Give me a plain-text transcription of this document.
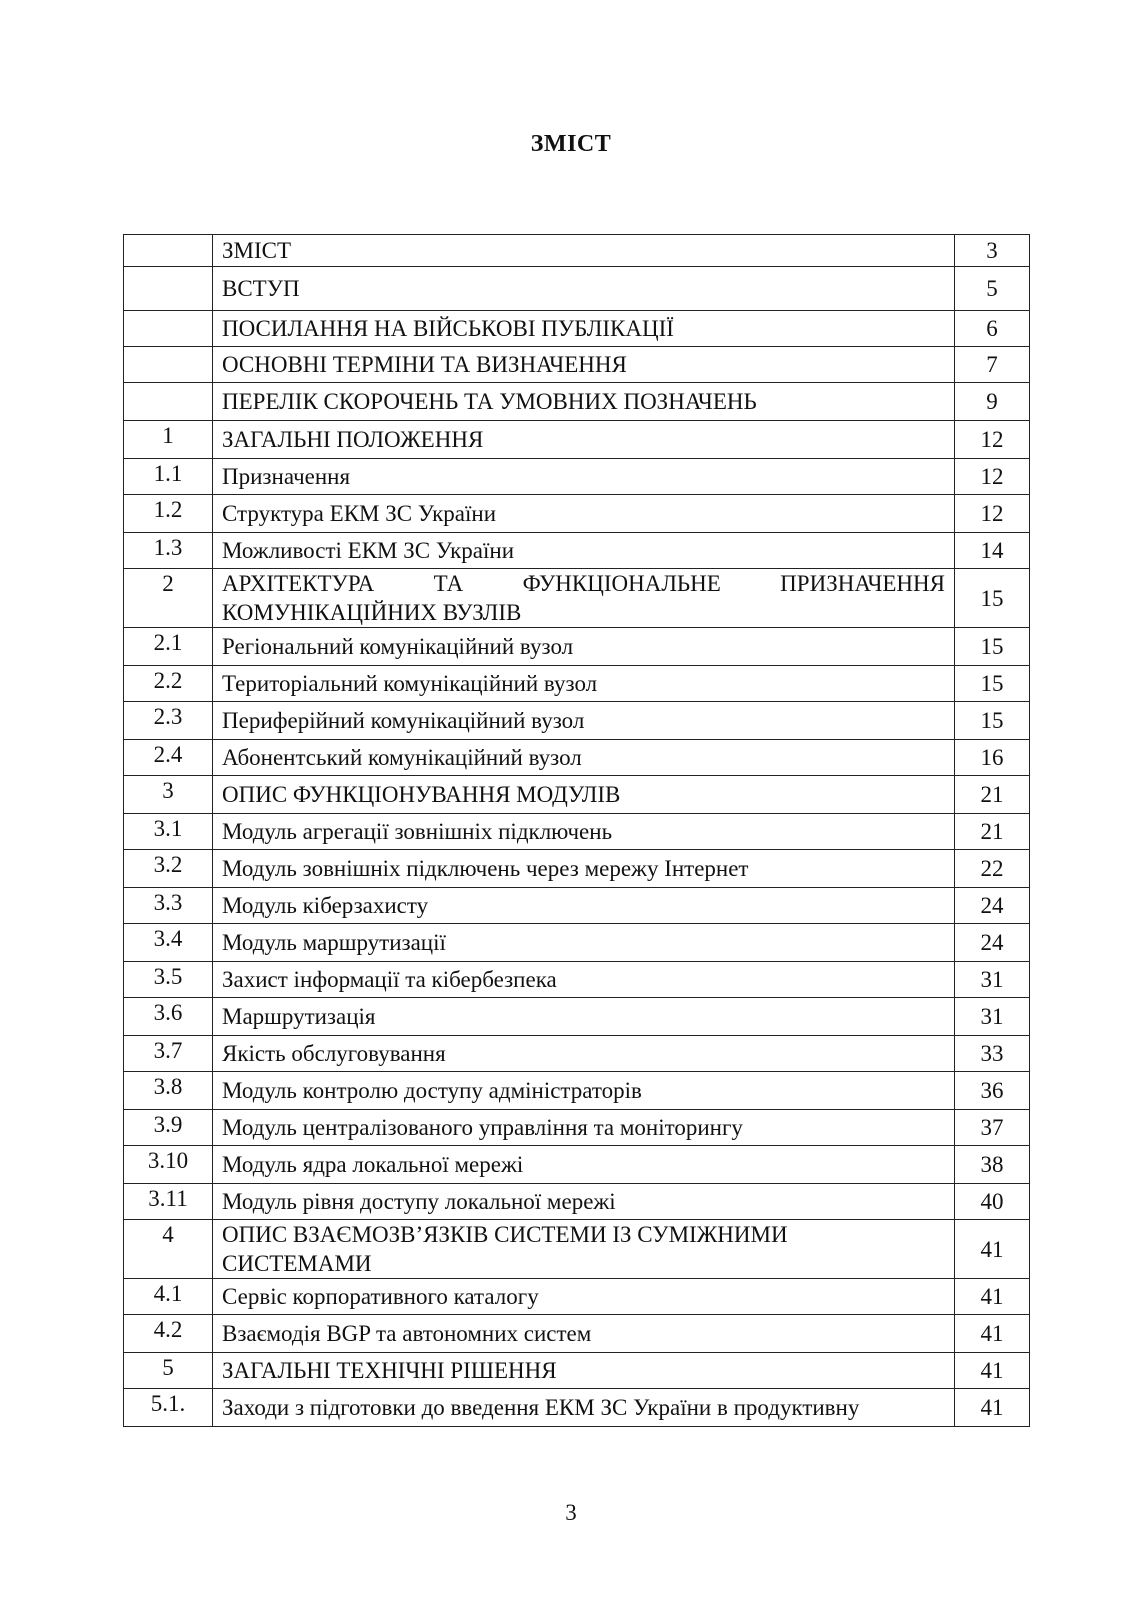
ЗМІСТ
	ЗМІСТ	3
	ВСТУП	5
	ПОСИЛАННЯ НА ВІЙСЬКОВІ ПУБЛІКАЦІЇ	6
	ОСНОВНІ ТЕРМІНИ ТА ВИЗНАЧЕННЯ	7
	ПЕРЕЛІК СКОРОЧЕНЬ ТА УМОВНИХ ПОЗНАЧЕНЬ	9
1	ЗАГАЛЬНІ ПОЛОЖЕННЯ	12
1.1	Призначення	12
1.2	Структура ЕКМ ЗС України	12
1.3	Можливості ЕКМ ЗС України	14
2	АРХІТЕКТУРА ТА ФУНКЦІОНАЛЬНЕ ПРИЗНАЧЕННЯ
КОМУНІКАЦІЙНИХ ВУЗЛІВ	15
2.1	Регіональний комунікаційний вузол	15
2.2	Територіальний комунікаційний вузол	15
2.3	Периферійний комунікаційний вузол	15
2.4	Абонентський комунікаційний вузол	16
3	ОПИС ФУНКЦІОНУВАННЯ МОДУЛІВ	21
3.1	Модуль агрегації зовнішніх підключень	21
3.2	Модуль зовнішніх підключень через мережу Інтернет	22
3.3	Модуль кіберзахисту	24
3.4	Модуль маршрутизації	24
3.5	Захист інформації та кібербезпека	31
3.6	Маршрутизація	31
3.7	Якість обслуговування	33
3.8	Модуль контролю доступу адміністраторів	36
3.9	Модуль централізованого управління та моніторингу	37
3.10	Модуль ядра локальної мережі	38
3.11	Модуль рівня доступу локальної мережі	40
4	ОПИС ВЗАЄМОЗВ’ЯЗКІВ СИСТЕМИ ІЗ СУМІЖНИМИ
СИСТЕМАМИ	41
4.1	Сервіс корпоративного каталогу	41
4.2	Взаємодія BGP та автономних систем	41
5	ЗАГАЛЬНІ ТЕХНІЧНІ РІШЕННЯ	41
5.1.	Заходи з підготовки до введення ЕКМ ЗС України в продуктивну	41
3
